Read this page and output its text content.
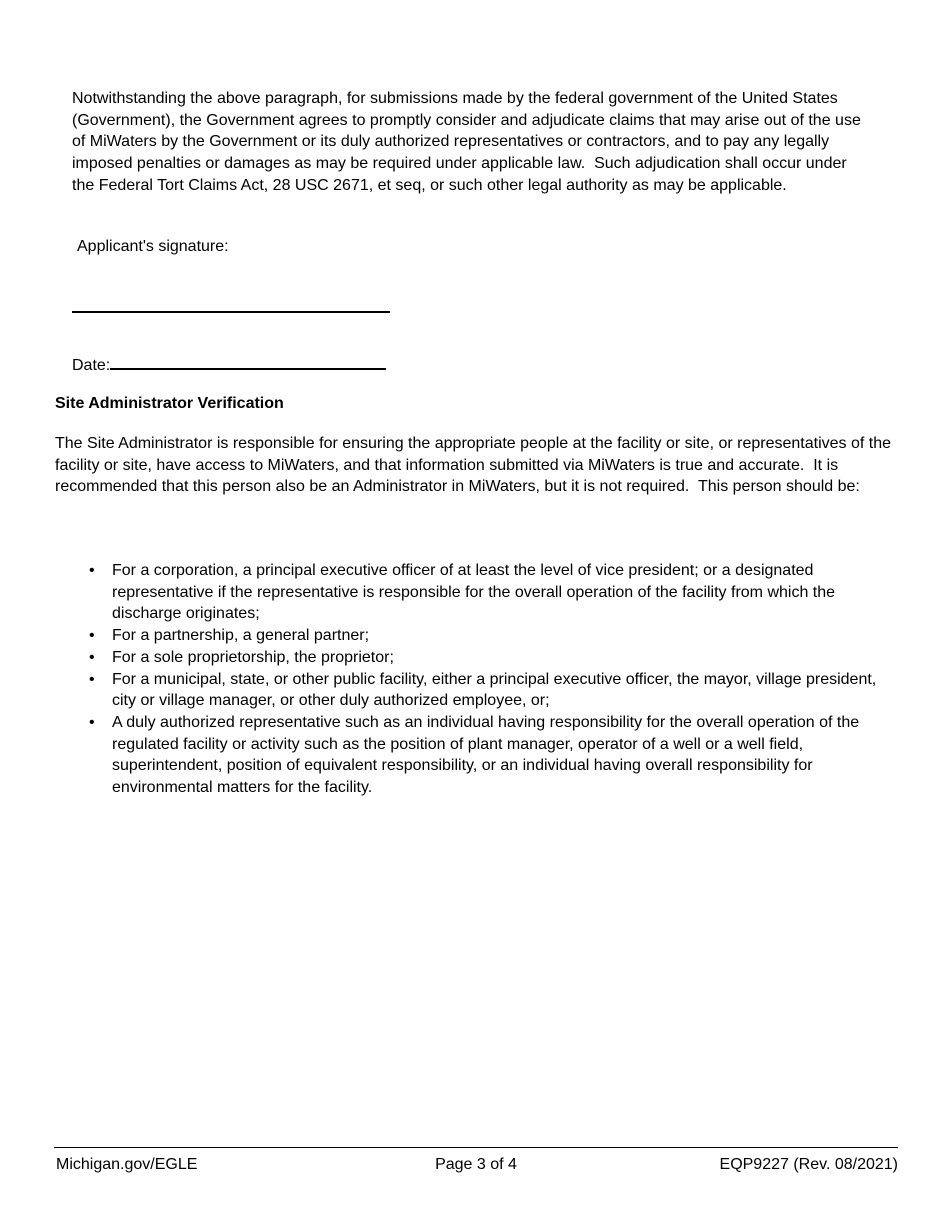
Notwithstanding the above paragraph, for submissions made by the federal government of the United States (Government), the Government agrees to promptly consider and adjudicate claims that may arise out of the use of MiWaters by the Government or its duly authorized representatives or contractors, and to pay any legally imposed penalties or damages as may be required under applicable law.  Such adjudication shall occur under the Federal Tort Claims Act, 28 USC 2671, et seq, or such other legal authority as may be applicable.
Applicant's signature:
Date:
Site Administrator Verification
The Site Administrator is responsible for ensuring the appropriate people at the facility or site, or representatives of the facility or site, have access to MiWaters, and that information submitted via MiWaters is true and accurate.  It is recommended that this person also be an Administrator in MiWaters, but it is not required.  This person should be:
• For a corporation, a principal executive officer of at least the level of vice president; or a designated representative if the representative is responsible for the overall operation of the facility from which the discharge originates;
• For a partnership, a general partner;
• For a sole proprietorship, the proprietor;
• For a municipal, state, or other public facility, either a principal executive officer, the mayor, village president, city or village manager, or other duly authorized employee, or;
• A duly authorized representative such as an individual having responsibility for the overall operation of the regulated facility or activity such as the position of plant manager, operator of a well or a well field, superintendent, position of equivalent responsibility, or an individual having overall responsibility for environmental matters for the facility.
Michigan.gov/EGLE	Page 3 of 4	EQP9227 (Rev. 08/2021)
